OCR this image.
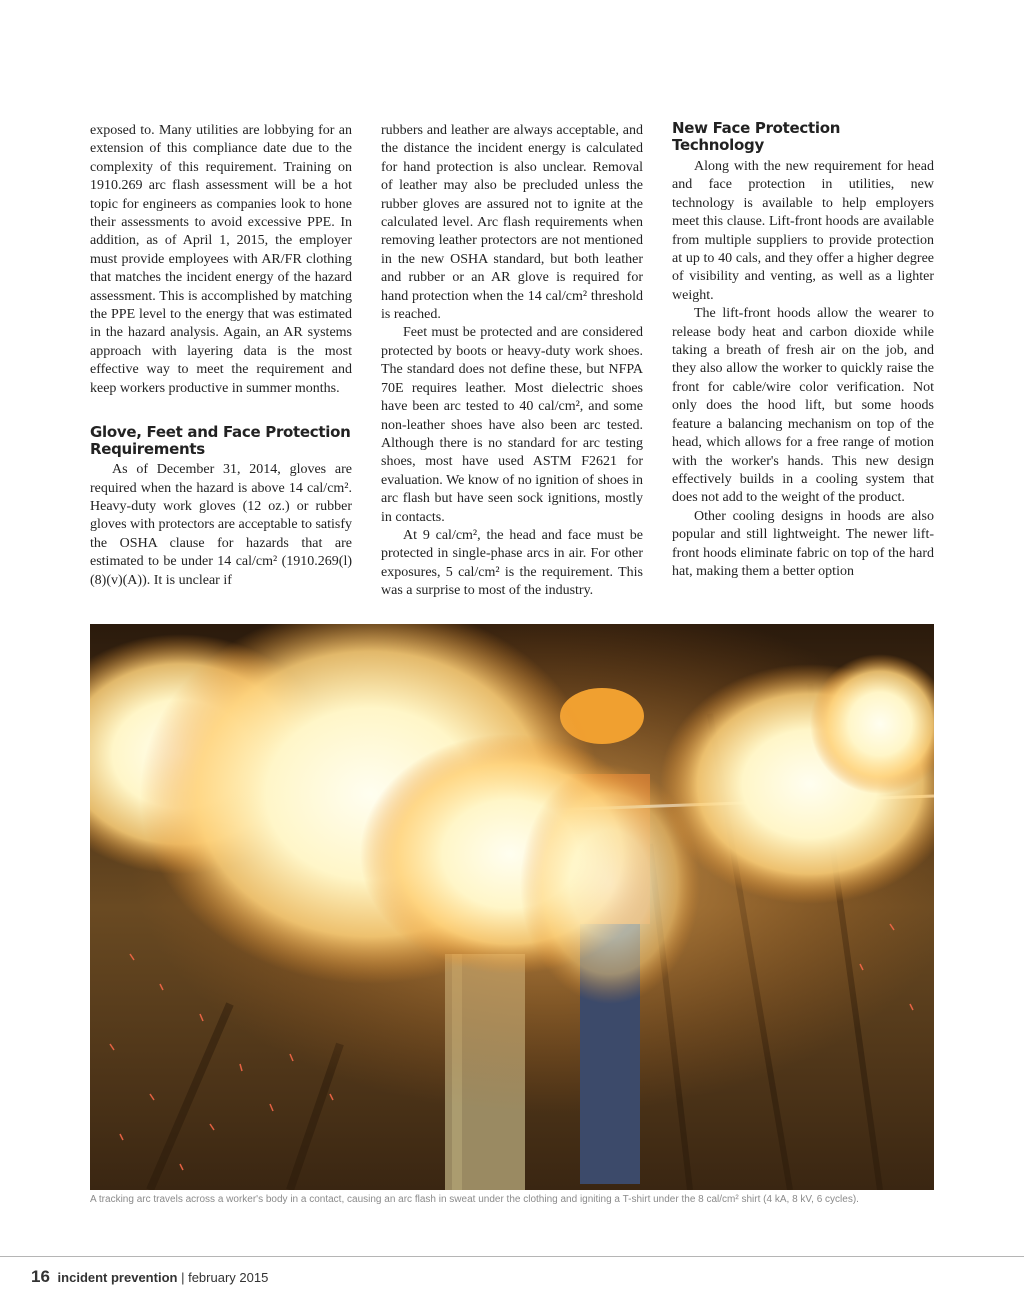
exposed to. Many utilities are lobbying for an extension of this compliance date due to the complexity of this requirement. Training on 1910.269 arc flash assessment will be a hot topic for engineers as companies look to hone their assessments to avoid excessive PPE. In addition, as of April 1, 2015, the employer must provide employees with AR/FR clothing that matches the incident energy of the hazard assessment. This is accomplished by matching the PPE level to the energy that was estimated in the hazard analysis. Again, an AR systems approach with layering data is the most effective way to meet the requirement and keep workers productive in summer months.

Glove, Feet and Face Protection Requirements

As of December 31, 2014, gloves are required when the hazard is above 14 cal/cm². Heavy-duty work gloves (12 oz.) or rubber gloves with protectors are acceptable to satisfy the OSHA clause for hazards that are estimated to be under 14 cal/cm² (1910.269(l)(8)(v)(A)). It is unclear if

rubbers and leather are always acceptable, and the distance the incident energy is calculated for hand protection is also unclear. Removal of leather may also be precluded unless the rubber gloves are assured not to ignite at the calculated level. Arc flash requirements when removing leather protectors are not mentioned in the new OSHA standard, but both leather and rubber or an AR glove is required for hand protection when the 14 cal/cm² threshold is reached.

Feet must be protected and are considered protected by boots or heavy-duty work shoes. The standard does not define these, but NFPA 70E requires leather. Most dielectric shoes have been arc tested to 40 cal/cm², and some non-leather shoes have also been arc tested. Although there is no standard for arc testing shoes, most have used ASTM F2621 for evaluation. We know of no ignition of shoes in arc flash but have seen sock ignitions, mostly in contacts.

At 9 cal/cm², the head and face must be protected in single-phase arcs in air. For other exposures, 5 cal/cm² is the requirement. This was a surprise to most of the industry.

New Face Protection Technology

Along with the new requirement for head and face protection in utilities, new technology is available to help employers meet this clause. Lift-front hoods are available from multiple suppliers to provide protection at up to 40 cals, and they offer a higher degree of visibility and venting, as well as a lighter weight.

The lift-front hoods allow the wearer to release body heat and carbon dioxide while taking a breath of fresh air on the job, and they also allow the worker to quickly raise the front for cable/wire color verification. Not only does the hood lift, but some hoods feature a balancing mechanism on top of the head, which allows for a free range of motion with the worker's hands. This new design effectively builds in a cooling system that does not add to the weight of the product.

Other cooling designs in hoods are also popular and still lightweight. The newer lift-front hoods eliminate fabric on top of the hard hat, making them a better option

A tracking arc travels across a worker's body in a contact, causing an arc flash in sweat under the clothing and igniting a T-shirt under the 8 cal/cm² shirt (4 kA, 8 kV, 6 cycles).
16 incident prevention | february 2015
